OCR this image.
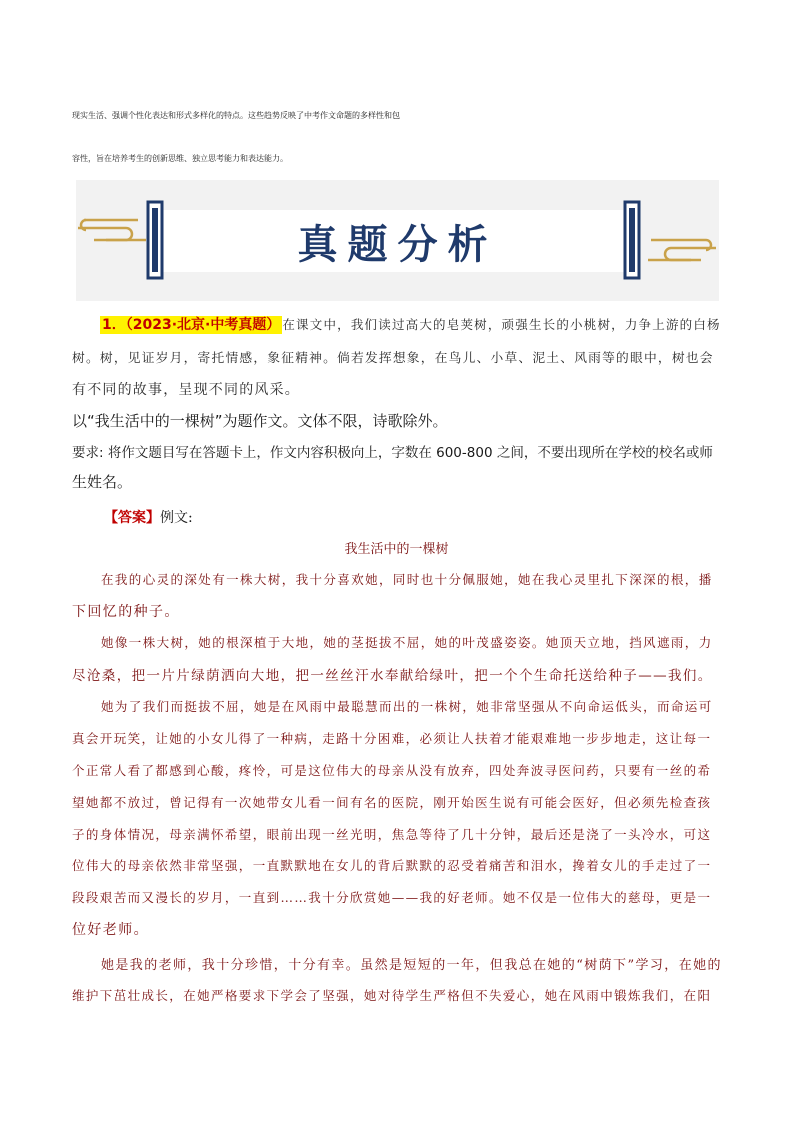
现实生活、强调个性化表达和形式多样化的特点。这些趋势反映了中考作文命题的多样性和包
容性，旨在培养考生的创新思维、独立思考能力和表达能力。
真题分析
1．（2023·北京·中考真题） 在课文中，我们读过高大的皂荚树，顽强生长的小桃树，力争上游的白杨
树。树，见证岁月，寄托情感，象征精神。倘若发挥想象，在鸟儿、小草、泥土、风雨等的眼中，树也会
有不同的故事，呈现不同的风采。
以“我生活中的一棵树”为题作文。文体不限，诗歌除外。
要求: 将作文题目写在答题卡上，作文内容积极向上，字数在 600-800 之间，不要出现所在学校的校名或师
生姓名。
【答案】例文:
我生活中的一棵树
在我的心灵的深处有一株大树，我十分喜欢她，同时也十分佩服她，她在我心灵里扎下深深的根，播
下回忆的种子。
她像一株大树，她的根深植于大地，她的茎挺拔不屈，她的叶茂盛姿姿。她顶天立地，挡风遮雨，力
尽沧桑，把一片片绿荫洒向大地，把一丝丝汗水奉献给绿叶，把一个个生命托送给种子——我们。
她为了我们而挺拔不屈，她是在风雨中最聪慧而出的一株树，她非常坚强从不向命运低头，而命运可
真会开玩笑，让她的小女儿得了一种病，走路十分困难，必须让人扶着才能艰难地一步步地走，这让每一
个正常人看了都感到心酸，疼怜，可是这位伟大的母亲从没有放弃，四处奔波寻医问药，只要有一丝的希
望她都不放过，曾记得有一次她带女儿看一间有名的医院，刚开始医生说有可能会医好，但必须先检查孩
子的身体情况，母亲满怀希望，眼前出现一丝光明，焦急等待了几十分钟，最后还是浇了一头冷水，可这
位伟大的母亲依然非常坚强，一直默默地在女儿的背后默默的忍受着痛苦和泪水，搀着女儿的手走过了一
段段艰苦而又漫长的岁月，一直到……我十分欣赏她——我的好老师。她不仅是一位伟大的慈母，更是一
位好老师。
她是我的老师，我十分珍惜，十分有幸。虽然是短短的一年，但我总在她的“树荫下”学习，在她的
维护下茁壮成长，在她严格要求下学会了坚强，她对待学生严格但不失爱心，她在风雨中锻炼我们，在阳
